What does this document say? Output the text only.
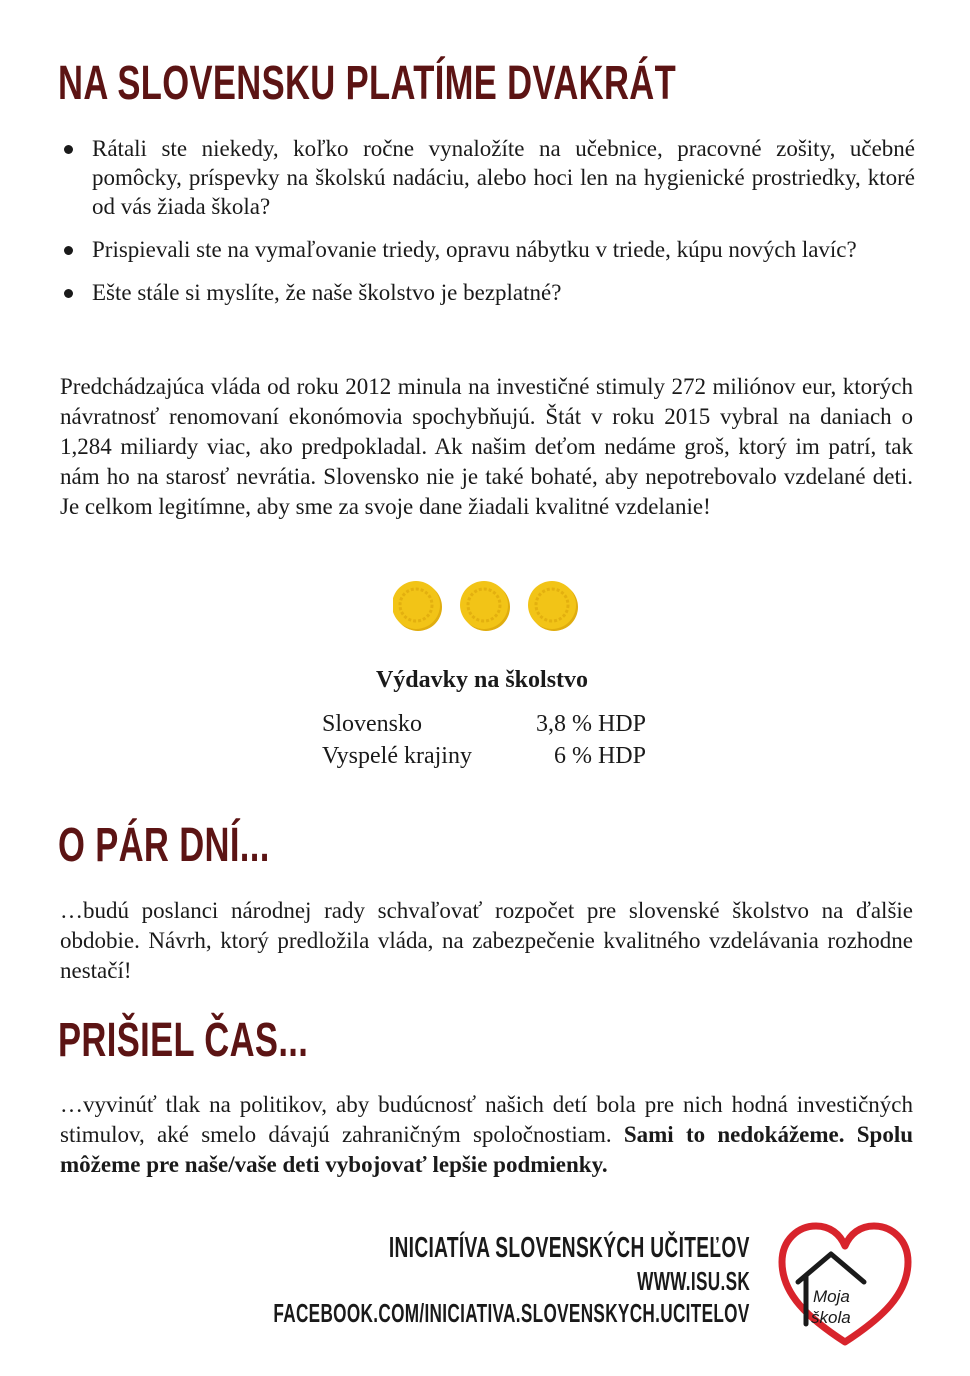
NA SLOVENSKU PLATÍME DVAKRÁT
Rátali ste niekedy, koľko ročne vynaložíte na učebnice, pracovné zošity, učebné pomôcky, príspevky na školskú nadáciu, alebo hoci len na hygienické prostriedky, ktoré od vás žiada škola?
Prispievali ste na vymaľovanie triedy, opravu nábytku v triede, kúpu nových lavíc?
Ešte stále si myslíte, že naše školstvo je bezplatné?

Predchádzajúca vláda od roku 2012 minula na investičné stimuly 272 miliónov eur, ktorých návratnosť renomovaní ekonómovia spochybňujú. Štát v roku 2015 vybral na daniach o 1,284 miliardy viac, ako predpokladal. Ak našim deťom nedáme groš, ktorý im patrí, tak nám ho na starosť nevrátia. Slovensko nie je také bohaté, aby nepotrebovalo vzdelané deti. Je celkom legitímne, aby sme za svoje dane žiadali kvalitné vzdelanie!

Výdavky na školstvo
Slovensko	3,8 % HDP
Vyspelé krajiny	6 % HDP
O PÁR DNÍ...

…budú poslanci národnej rady schvaľovať rozpočet pre slovenské školstvo na ďalšie obdobie. Návrh, ktorý predložila vláda, na zabezpečenie kvalitného vzdelávania rozhodne nestačí!

PRIŠIEL ČAS...

…vyvinúť tlak na politikov, aby budúcnosť našich detí bola pre nich hodná investičných stimulov, aké smelo dávajú zahraničným spoločnostiam. Sami to nedokážeme. Spolu môžeme pre naše/vaše deti vybojovať lepšie podmienky.

INICIATÍVA SLOVENSKÝCH UČITEĽOV
WWW.ISU.SK
FACEBOOK.COM/INICIATIVA.SLOVENSKYCH.UCITELOV
Moja
škola
